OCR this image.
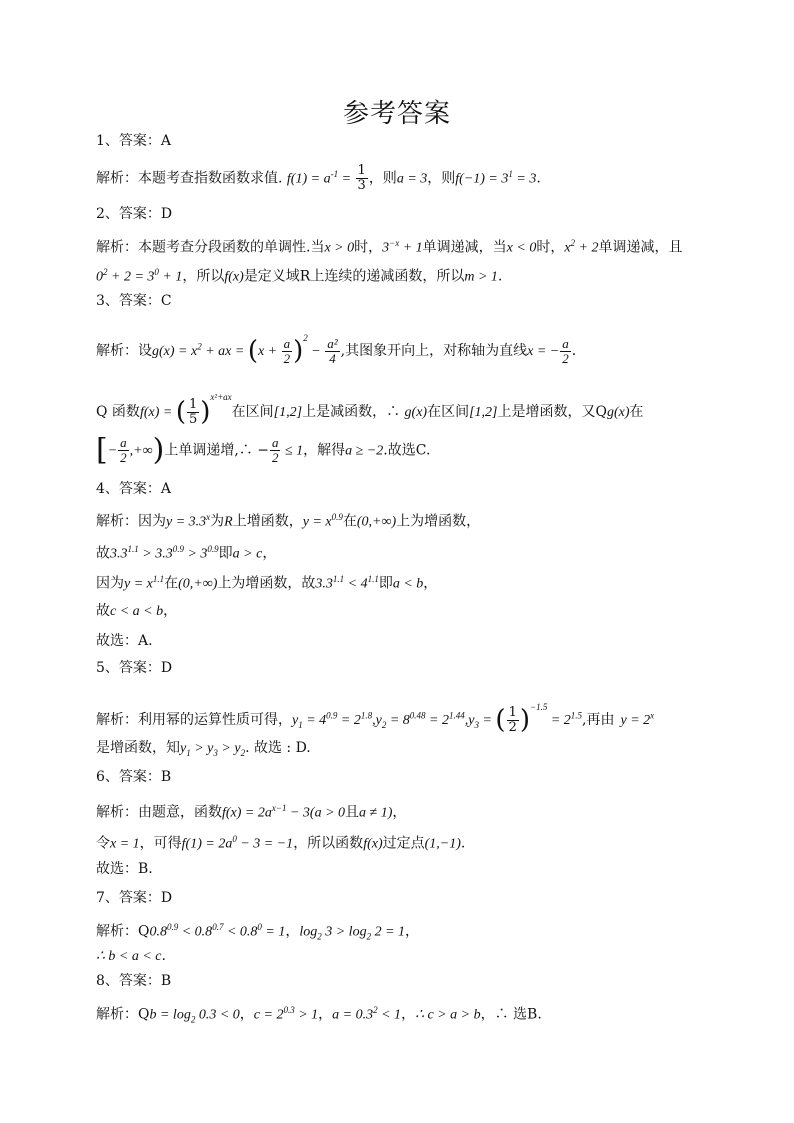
参考答案
1、答案：A
解析：本题考查指数函数求值. $f(1) = a^{-1} = \frac{1}{3}$ ，则a = 3，则$f(-1) = 3^1 = 3$.
2、答案：D
解析：本题考查分段函数的单调性.当x > 0时，$3^{-x} + 1$单调递减，当x < 0时，$x^2 + 2$单调递减，且
$0^2 + 2 = 3^0 + 1$，所以f(x)是定义域R上连续的递减函数，所以m > 1.
3、答案：C
解析：设$g(x) = x^2$ + ax = $(x + \frac{a}{2} )^2 - \frac{\text{a²}}{4}$ ,其图象开向上，对称轴为直线x = − $\frac{a}{2}$ .
Q 函数f(x) = ( $\frac{1}{5} )^{x^2+ax}$在区间[1,2]上是减函数，∴ g(x)在区间[1,2]上是增函数，又Qg(x)在
[− $\frac{a}{2}$ ,+∞)上单调递增,∴ − $\frac{a}{2} \le 1$，解得a ≥ −2.故选C.
4、答案：A
解析：因为$y = 3.3^x$为R上增函数，$y = x^{0.9}$在(0,+∞)上为增函数，
故$3.3^{1.1} > 3.3^{0.9} > 3^{0.9}$即a > c，
因为$y = x^{1.1}$在(0,+∞)上为增函数，故$3.3^{1.1} < 4^{1.1}$即a < b，
故c < a < b，
故选：A.
5、答案：D
解析：利用幂的运算性质可得，$y_1 = 4^{0.9} = 2^{1.8},y_2 = 8^{0.48} = 2^{1.44},y_3$ = ( $\frac{1}{2} )^{-1.5} = 2^{1.5}$,再由 $y = 2^x$
是增函数，知$y_1 > y_3 > y_2$. 故选 : D.
6、答案：B
解析：由题意，函数$f(x) = 2a^{x-1} - 3(a > 0$且a ≠ 1)，
令x = 1，可得$f(1) = 2a^0 - 3 = -1$，所以函数f(x)过定点(1,−1).
故选：B.
7、答案：D
解析：$Q0.8^{0.9} < 0.8^{0.7} < 0.8^0 = 1$，$\log_2 3 > \log_2 2 = 1$，
∴ b < a < c.
8、答案：B
解析：$Qb = \log_2 0.3 < 0$，$c = 2^{0.3} > 1$，$a = 0.3^2 < 1$，∴ c > a > b，∴ 选B.
